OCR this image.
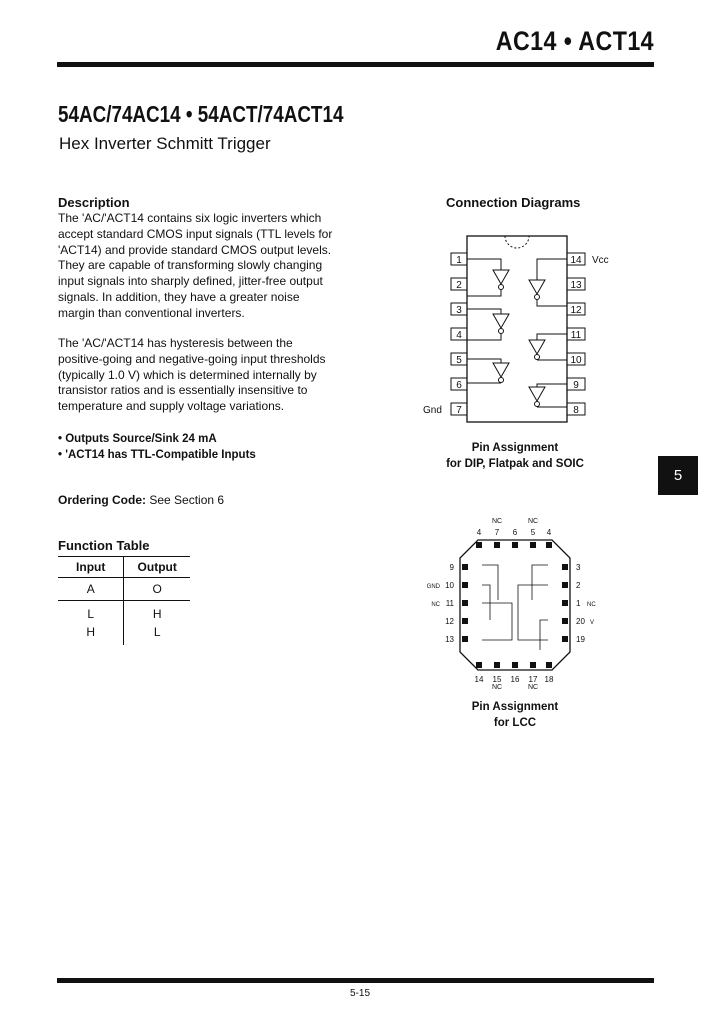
AC14 • ACT14
54AC/74AC14 • 54ACT/74ACT14
Hex Inverter Schmitt Trigger
Description

The 'AC/'ACT14 contains six logic inverters which

accept standard CMOS input signals (TTL levels for

'ACT14) and provide standard CMOS output levels.

They are capable of transforming slowly changing

input signals into sharply defined, jitter-free output

signals. In addition, they have a greater noise

margin than conventional inverters.

The 'AC/'ACT14 has hysteresis between the

positive-going and negative-going input thresholds

(typically 1.0 V) which is determined internally by

transistor ratios and is essentially insensitive to

temperature and supply voltage variations.

• Outputs Source/Sink 24 mA
• 'ACT14 has TTL-Compatible Inputs
Ordering Code: See Section 6
Function Table
Input	Output
A	O
L	H
H	L
Connection Diagrams
1
2
3
4
5
6
7
14
13
12
11
10
9
8
Vcc
Gnd
Pin Assignment
for DIP, Flatpak and SOIC
4 7 6 5 4
NC	NC
14 15 16 17 18
NC	NC
9
10
11
12
13
GND
NC
3
2
1
20
19
NC
V
Pin Assignment
for LCC
5
5-15
